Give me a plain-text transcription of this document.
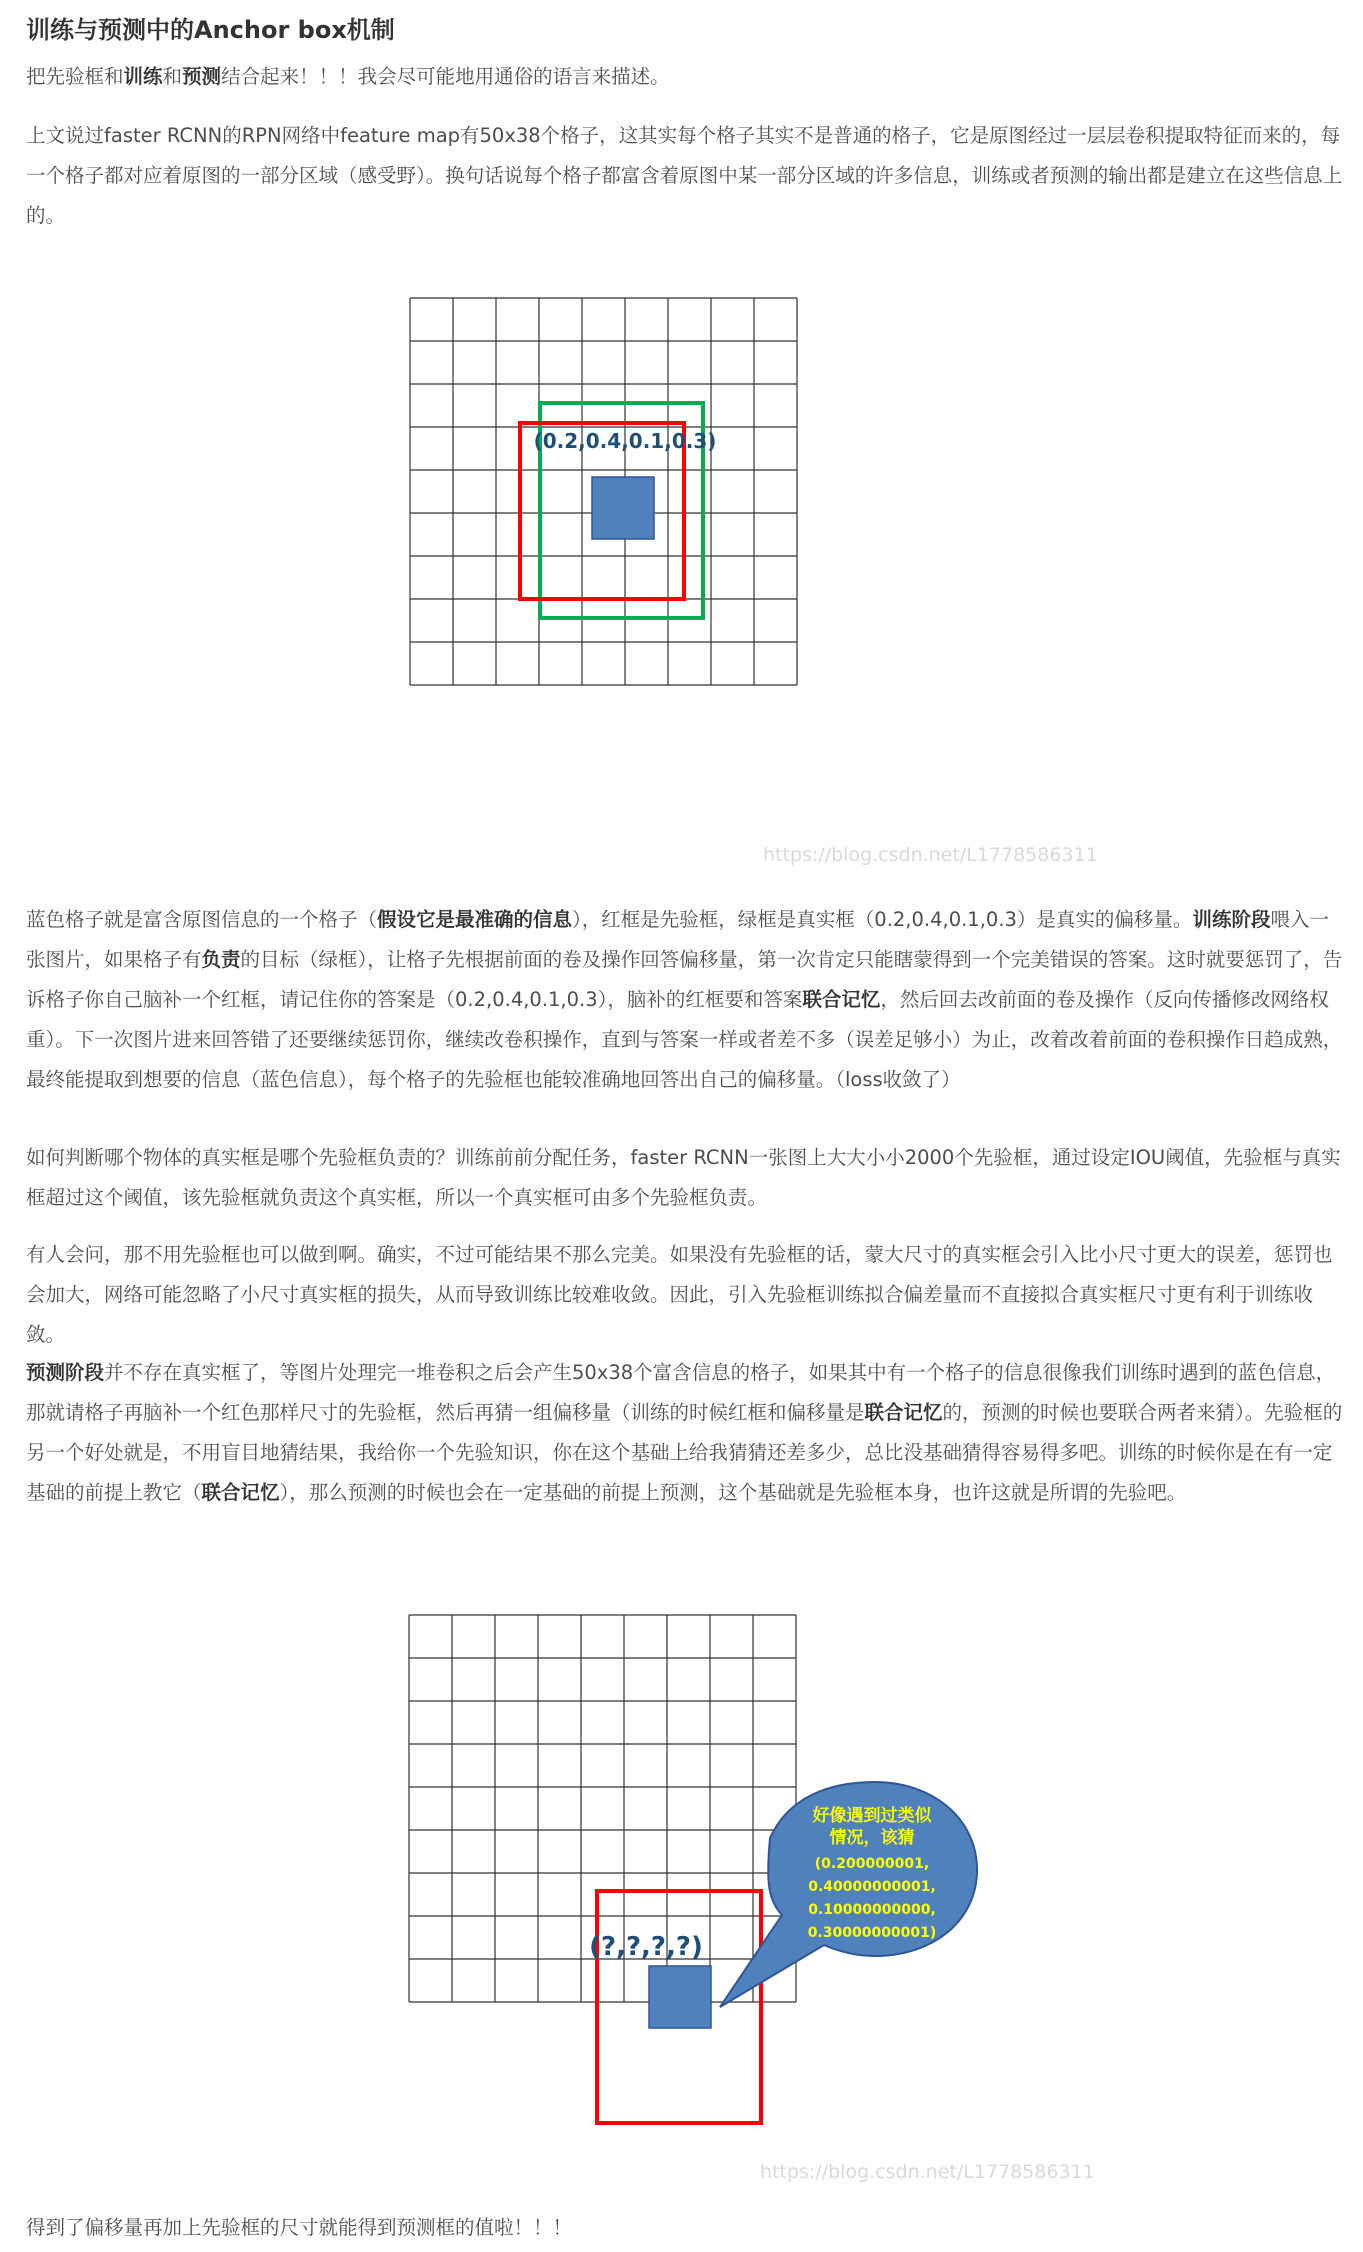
训练与预测中的Anchor box机制

把先验框和训练和预测结合起来！！！我会尽可能地用通俗的语言来描述。

上文说过faster RCNN的RPN网络中feature map有50x38个格子，这其实每个格子其实不是普通的格子，它是原图经过一层层卷积提取特征而来的，每一个格子都对应着原图的一部分区域（感受野）。换句话说每个格子都富含着原图中某一部分区域的许多信息，训练或者预测的输出都是建立在这些信息上的。

(0.2,0.4,0.1,0.3)
https://blog.csdn.net/L1778586311

蓝色格子就是富含原图信息的一个格子（假设它是最准确的信息），红框是先验框，绿框是真实框（0.2,0.4,0.1,0.3）是真实的偏移量。训练阶段喂入一张图片，如果格子有负责的目标（绿框），让格子先根据前面的卷及操作回答偏移量，第一次肯定只能瞎蒙得到一个完美错误的答案。这时就要惩罚了，告诉格子你自己脑补一个红框，请记住你的答案是（0.2,0.4,0.1,0.3），脑补的红框要和答案联合记忆，然后回去改前面的卷及操作（反向传播修改网络权重）。下一次图片进来回答错了还要继续惩罚你，继续改卷积操作，直到与答案一样或者差不多（误差足够小）为止，改着改着前面的卷积操作日趋成熟，最终能提取到想要的信息（蓝色信息），每个格子的先验框也能较准确地回答出自己的偏移量。（loss收敛了）

如何判断哪个物体的真实框是哪个先验框负责的？训练前前分配任务，faster RCNN一张图上大大小小2000个先验框，通过设定IOU阈值，先验框与真实框超过这个阈值，该先验框就负责这个真实框，所以一个真实框可由多个先验框负责。

有人会问，那不用先验框也可以做到啊。确实，不过可能结果不那么完美。如果没有先验框的话，蒙大尺寸的真实框会引入比小尺寸更大的误差，惩罚也会加大，网络可能忽略了小尺寸真实框的损失，从而导致训练比较难收敛。因此，引入先验框训练拟合偏差量而不直接拟合真实框尺寸更有利于训练收敛。

预测阶段并不存在真实框了，等图片处理完一堆卷积之后会产生50x38个富含信息的格子，如果其中有一个格子的信息很像我们训练时遇到的蓝色信息，那就请格子再脑补一个红色那样尺寸的先验框，然后再猜一组偏移量（训练的时候红框和偏移量是联合记忆的，预测的时候也要联合两者来猜）。先验框的另一个好处就是，不用盲目地猜结果，我给你一个先验知识，你在这个基础上给我猜猜还差多少，总比没基础猜得容易得多吧。训练的时候你是在有一定基础的前提上教它（联合记忆），那么预测的时候也会在一定基础的前提上预测，这个基础就是先验框本身，也许这就是所谓的先验吧。

(?,?,?,?)
好像遇到过类似
情况，该猜
(0.200000001,
0.40000000001,
0.10000000000,
0.30000000001)
https://blog.csdn.net/L1778586311

得到了偏移量再加上先验框的尺寸就能得到预测框的值啦！！！
